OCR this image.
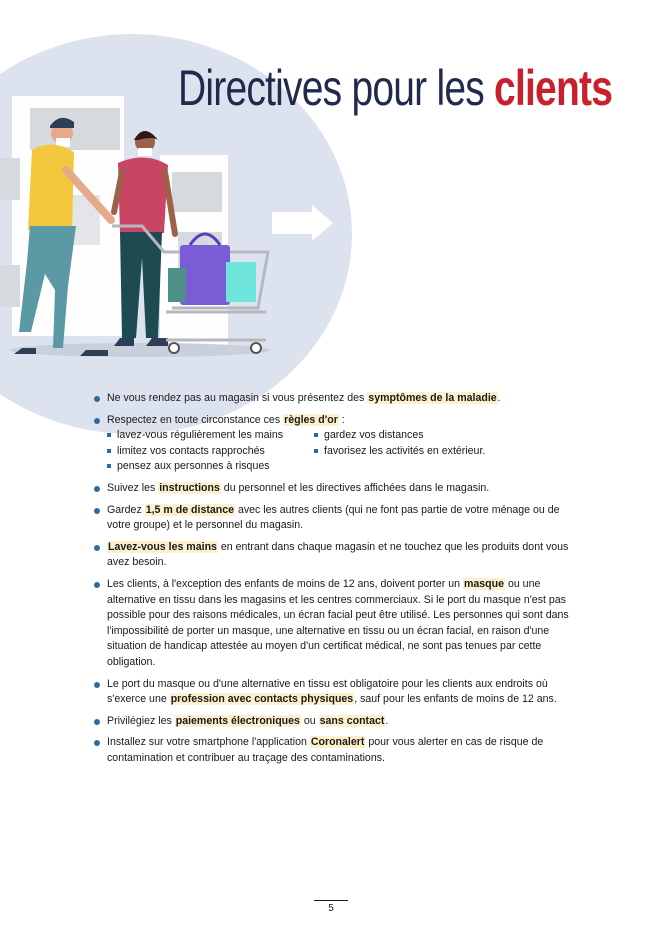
Directives pour les clients
Ne vous rendez pas au magasin si vous présentez des symptômes de la maladie.
Respectez en toute circonstance ces règles d'or :
lavez-vous régulièrement les mains	gardez vos distances
limitez vos contacts rapprochés	favorisez les activités en extérieur.
pensez aux personnes à risques
Suivez les instructions du personnel et les directives affichées dans le magasin.
Gardez 1,5 m de distance avec les autres clients (qui ne font pas partie de votre ménage ou de votre groupe) et le personnel du magasin.
Lavez-vous les mains en entrant dans chaque magasin et ne touchez que les produits dont vous avez besoin.
Les clients, à l'exception des enfants de moins de 12 ans, doivent porter un masque ou une alternative en tissu dans les magasins et les centres commerciaux. Si le port du masque n'est pas possible pour des raisons médicales, un écran facial peut être utilisé. Les personnes qui sont dans l'impossibilité de porter un masque, une alternative en tissu ou un écran facial, en raison d'une situation de handicap attestée au moyen d'un certificat médical, ne sont pas tenues par cette obligation.
Le port du masque ou d'une alternative en tissu est obligatoire pour les clients aux endroits où s'exerce une profession avec contacts physiques, sauf pour les enfants de moins de 12 ans.
Privilégiez les paiements électroniques ou sans contact.
Installez sur votre smartphone l'application Coronalert pour vous alerter en cas de risque de contamination et contribuer au traçage des contaminations.
5
